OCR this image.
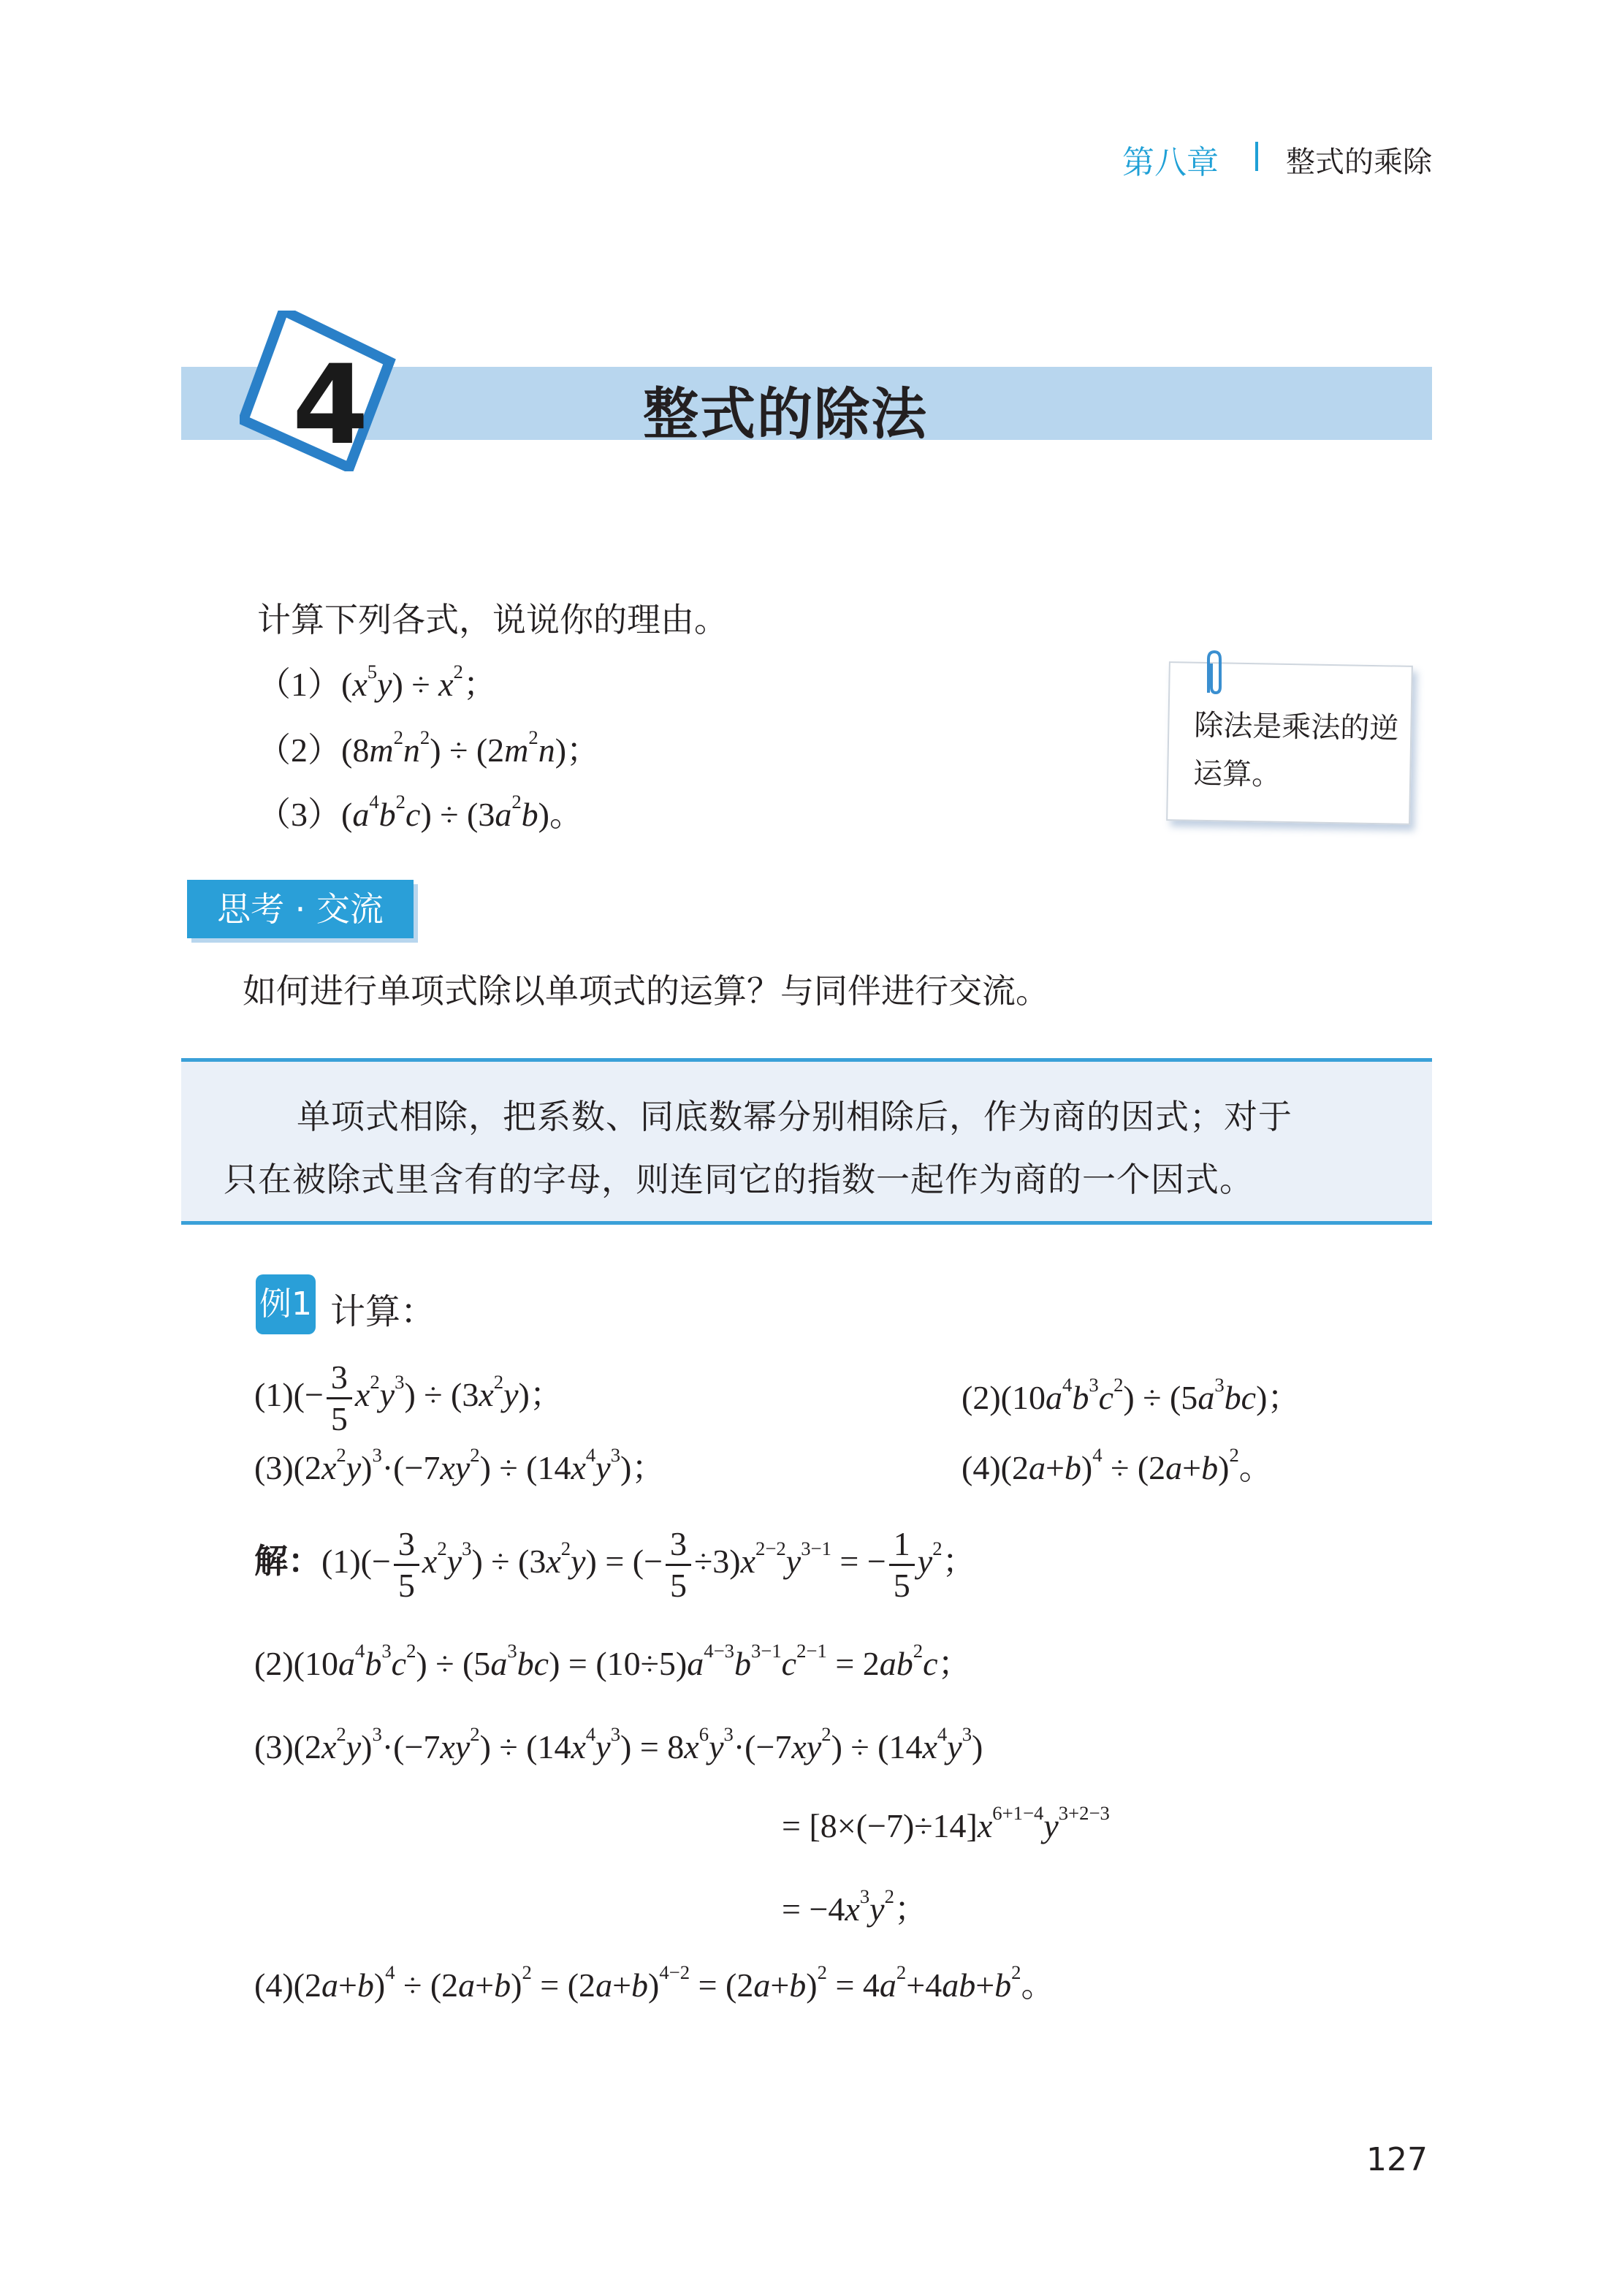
第八章 整式的乘除
4	整式的除法
计算下列各式，说说你的理由。
$(1)(x^5y) \div x^2$；
$(2)(8m^2n^2) \div (2m^2n)$；
$(3)(a^4b^2c) \div (3a^2b)$。
除法是乘法的逆运算。
思考 · 交流
如何进行单项式除以单项式的运算？与同伴进行交流。
单项式相除，把系数、同底数幂分别相除后，作为商的因式；对于
只在被除式里含有的字母，则连同它的指数一起作为商的一个因式。
例1 计算：
$(1)(- \frac{3}{5} x^2y^3) \div (3x^2y)$；	$(2)(10a^4b^3c^2) \div (5a^3bc)$；
$(3)(2x^2y)^3\cdot(-7xy^2) \div (14x^4y^3)$；	$(4)(2a+b)^4 \div (2a+b)^2$。
解：$(1)(- \frac{3}{5} x^2y^3) \div (3x^2y)$ = (− $\frac{3}{5} \div 3)x^{2-2}y^{3-1}$ = − $\frac{1}{5} y^2$；
$(2)(10a^4b^3c^2) \div (5a^3bc) = (10\div 5)a^{4-3}b^{3-1}c^{2-1} = 2ab^2c$；
$(3)(2x^2y)^3\cdot(-7xy^2) \div (14x^4y^3) = 8x^6y^3\cdot(-7xy^2) \div (14x^4y^3)$
= $[8\times(-7)\div 14]x^{6+1-4}y^{3+2-3}$
= $-4x^3y^2$；
$(4)(2a+b)^4 \div (2a+b)^2 = (2a+b)^{4-2} = (2a+b)^2 = 4a^2+4ab+b^2$。
127
